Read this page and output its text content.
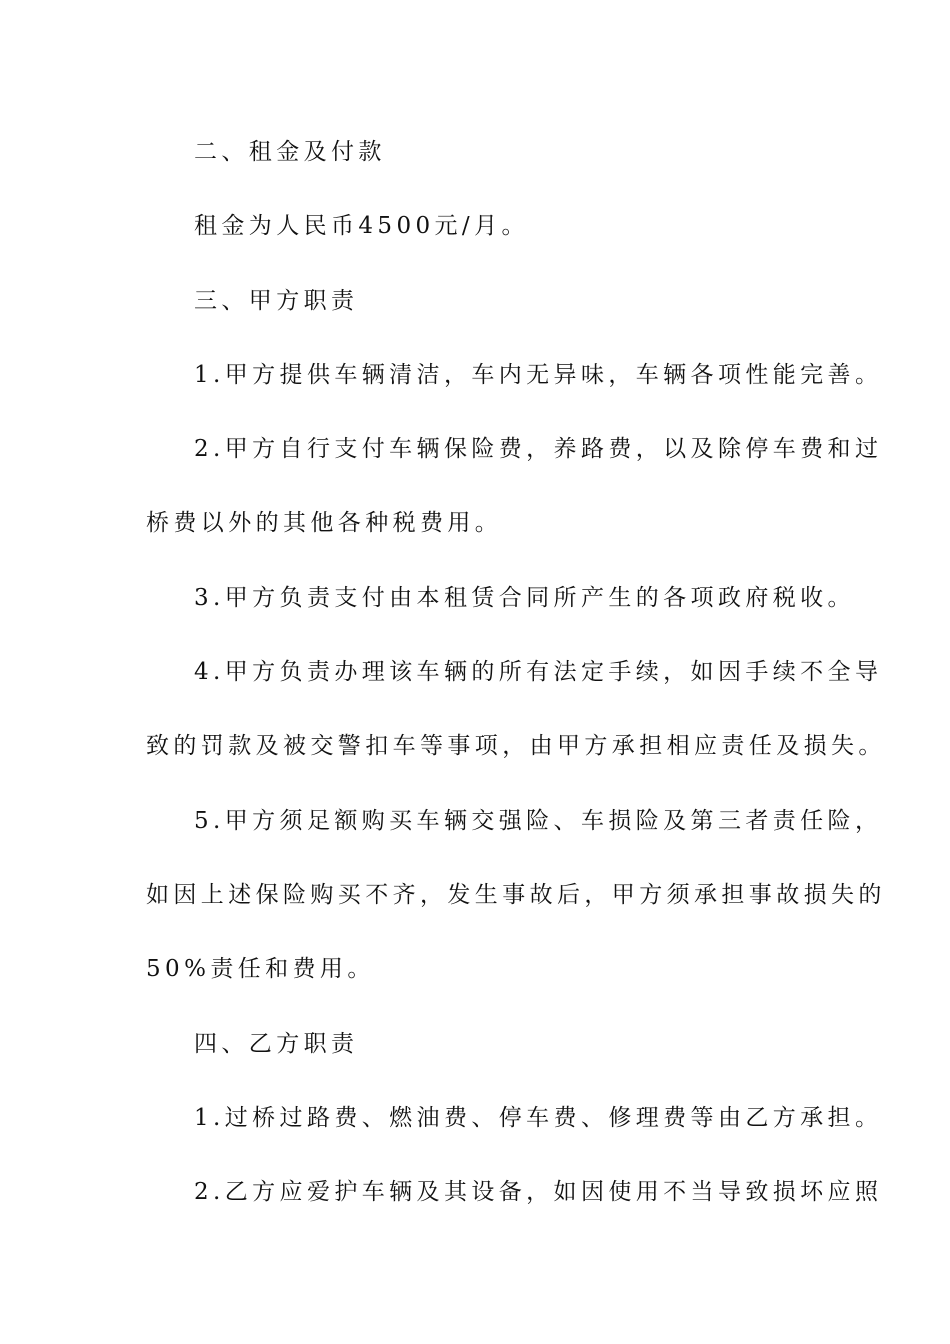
二、租金及付款
租金为人民币4500元/月。
三、甲方职责
1.甲方提供车辆清洁，车内无异味，车辆各项性能完善。
2.甲方自行支付车辆保险费，养路费，以及除停车费和过
桥费以外的其他各种税费用。
3.甲方负责支付由本租赁合同所产生的各项政府税收。
4.甲方负责办理该车辆的所有法定手续，如因手续不全导
致的罚款及被交警扣车等事项，由甲方承担相应责任及损失。
5.甲方须足额购买车辆交强险、车损险及第三者责任险，
如因上述保险购买不齐，发生事故后，甲方须承担事故损失的
50%责任和费用。
四、乙方职责
1.过桥过路费、燃油费、停车费、修理费等由乙方承担。
2.乙方应爱护车辆及其设备，如因使用不当导致损坏应照
